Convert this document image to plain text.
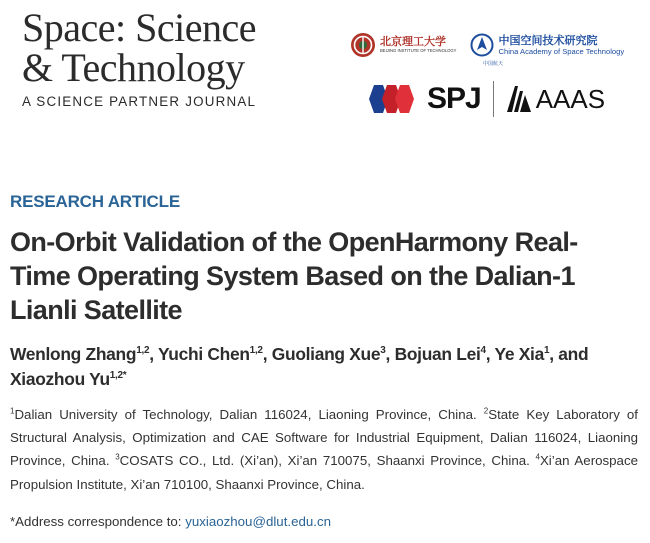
Space: Science
& Technology
A SCIENCE PARTNER JOURNAL
北京理工大学
BEIJING INSTITUTE OF TECHNOLOGY
中国空间技术研究院
China Academy of Space Technology
中国航天
SPJ AAAS
RESEARCH ARTICLE
On-Orbit Validation of the OpenHarmony Real-Time Operating System Based on the Dalian-1 Lianli Satellite

Wenlong Zhang$^{1,2}$, Yuchi Chen$^{1,2}$, Guoliang Xue$^3$, Bojuan Lei$^4$, Ye Xia$^1$, and Xiaozhou $Yu^{1,2*}$

$^1$Dalian University of Technology, Dalian 116024, Liaoning Province, China. $^2$State Key Laboratory of Structural Analysis, Optimization and CAE Software for Industrial Equipment, Dalian 116024, Liaoning Province, China. $^3$COSATS CO., Ltd. (Xi’an), Xi’an 710075, Shaanxi Province, China. $^4$Xi’an Aerospace Propulsion Institute, Xi’an 710100, Shaanxi Province, China.

*Address correspondence to: yuxiaozhou@dlut.edu.cn
